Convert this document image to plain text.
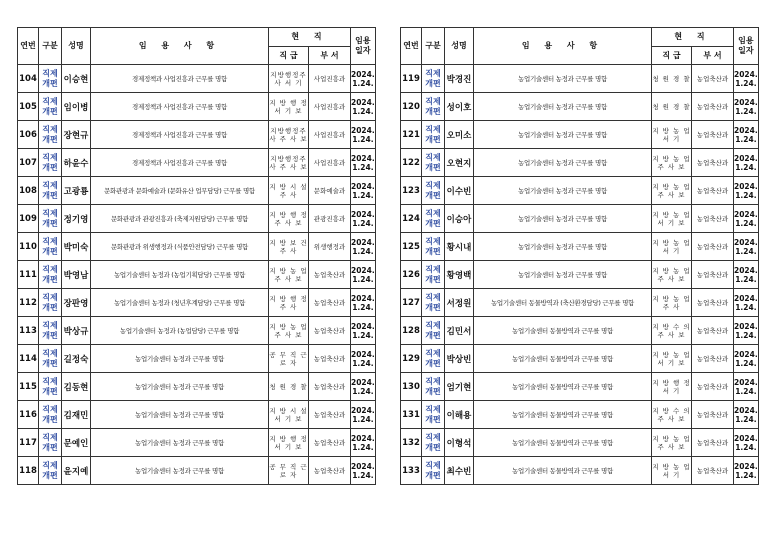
연번	구분	성명	임 용 사 항	현 직		임용 일자
				직 급	부 서	
104	직제 개편	이승현	경제정책과 사업진흥과 근무를 명함	지방행정주사 서 기	사업진흥과	2024. 1.24.
105	직제 개편	임이병	경제정책과 사업진흥과 근무를 명함	지 방 행 정 서 기 보	사업진흥과	2024. 1.24.
106	직제 개편	장현규	경제정책과 사업진흥과 근무를 명함	지방행정주사 주 사 보	사업진흥과	2024. 1.24.
107	직제 개편	하윤수	경제정책과 사업진흥과 근무를 명함	지방행정주사 주 사 보	사업진흥과	2024. 1.24.
108	직제 개편	고광룡	문화관광과 문화예술과 (문화유산 업무담당) 근무를 명함	지 방 시 설 주 사	문화예술과	2024. 1.24.
109	직제 개편	정기영	문화관광과 관광진흥과 (축제지원담당) 근무를 명함	지 방 행 정 주 사 보	관광진흥과	2024. 1.24.
110	직제 개편	박미숙	문화관광과 위생행정과 (식품안전담당) 근무를 명함	지 방 보 건 주 사	위생행정과	2024. 1.24.
111	직제 개편	박영남	농업기술센터 농정과 (농업기획담당) 근무를 명함	지 방 농 업 주 사 보	농업축산과	2024. 1.24.
112	직제 개편	장판영	농업기술센터 농정과 (청년후계담당) 근무를 명함	지 방 행 정 주 사	농업축산과	2024. 1.24.
113	직제 개편	박상규	농업기술센터 농정과 (농업담당) 근무를 명함	지 방 농 업 주 사 보	농업축산과	2024. 1.24.
114	직제 개편	길정숙	농업기술센터 농정과 근무를 명함	공 무 직 근 로 자	농업축산과	2024. 1.24.
115	직제 개편	김동현	농업기술센터 농정과 근무를 명함	청 원 경 찰	농업축산과	2024. 1.24.
116	직제 개편	김재민	농업기술센터 농정과 근무를 명함	지 방 시 설 서 기 보	농업축산과	2024. 1.24.
117	직제 개편	문예인	농업기술센터 농정과 근무를 명함	지 방 행 정 서 기 보	농업축산과	2024. 1.24.
118	직제 개편	윤지예	농업기술센터 농정과 근무를 명함	공 무 직 근 로 자	농업축산과	2024. 1.24.
연번	구분	성명	임 용 사 항	현 직		임용 일자
				직 급	부 서	
119	직제 개편	박경진	농업기술센터 농정과 근무를 명함	청 원 경 찰	농업축산과	2024. 1.24.
120	직제 개편	성이호	농업기술센터 농정과 근무를 명함	청 원 경 찰	농업축산과	2024. 1.24.
121	직제 개편	오미소	농업기술센터 농정과 근무를 명함	지 방 농 업 서 기	농업축산과	2024. 1.24.
122	직제 개편	오현지	농업기술센터 농정과 근무를 명함	지 방 농 업 주 사 보	농업축산과	2024. 1.24.
123	직제 개편	이수빈	농업기술센터 농정과 근무를 명함	지 방 농 업 주 사 보	농업축산과	2024. 1.24.
124	직제 개편	이승아	농업기술센터 농정과 근무를 명함	지 방 농 업 서 기 보	농업축산과	2024. 1.24.
125	직제 개편	황시내	농업기술센터 농정과 근무를 명함	지 방 농 업 서 기	농업축산과	2024. 1.24.
126	직제 개편	황영백	농업기술센터 농정과 근무를 명함	지 방 농 업 주 사 보	농업축산과	2024. 1.24.
127	직제 개편	서정원	농업기술센터 동물방역과 (축산환경담당) 근무를 명함	지 방 농 업 주 사	농업축산과	2024. 1.24.
128	직제 개편	김민서	농업기술센터 동물방역과 근무를 명함	지 방 수 의 주 사 보	농업축산과	2024. 1.24.
129	직제 개편	박상빈	농업기술센터 동물방역과 근무를 명함	지 방 농 업 서 기 보	농업축산과	2024. 1.24.
130	직제 개편	엄기현	농업기술센터 동물방역과 근무를 명함	지 방 행 정 서 기	농업축산과	2024. 1.24.
131	직제 개편	이해용	농업기술센터 동물방역과 근무를 명함	지 방 수 의 주 사 보	농업축산과	2024. 1.24.
132	직제 개편	이형석	농업기술센터 동물방역과 근무를 명함	지 방 농 업 주 사 보	농업축산과	2024. 1.24.
133	직제 개편	최수빈	농업기술센터 동물방역과 근무를 명함	지 방 농 업 서 기	농업축산과	2024. 1.24.
